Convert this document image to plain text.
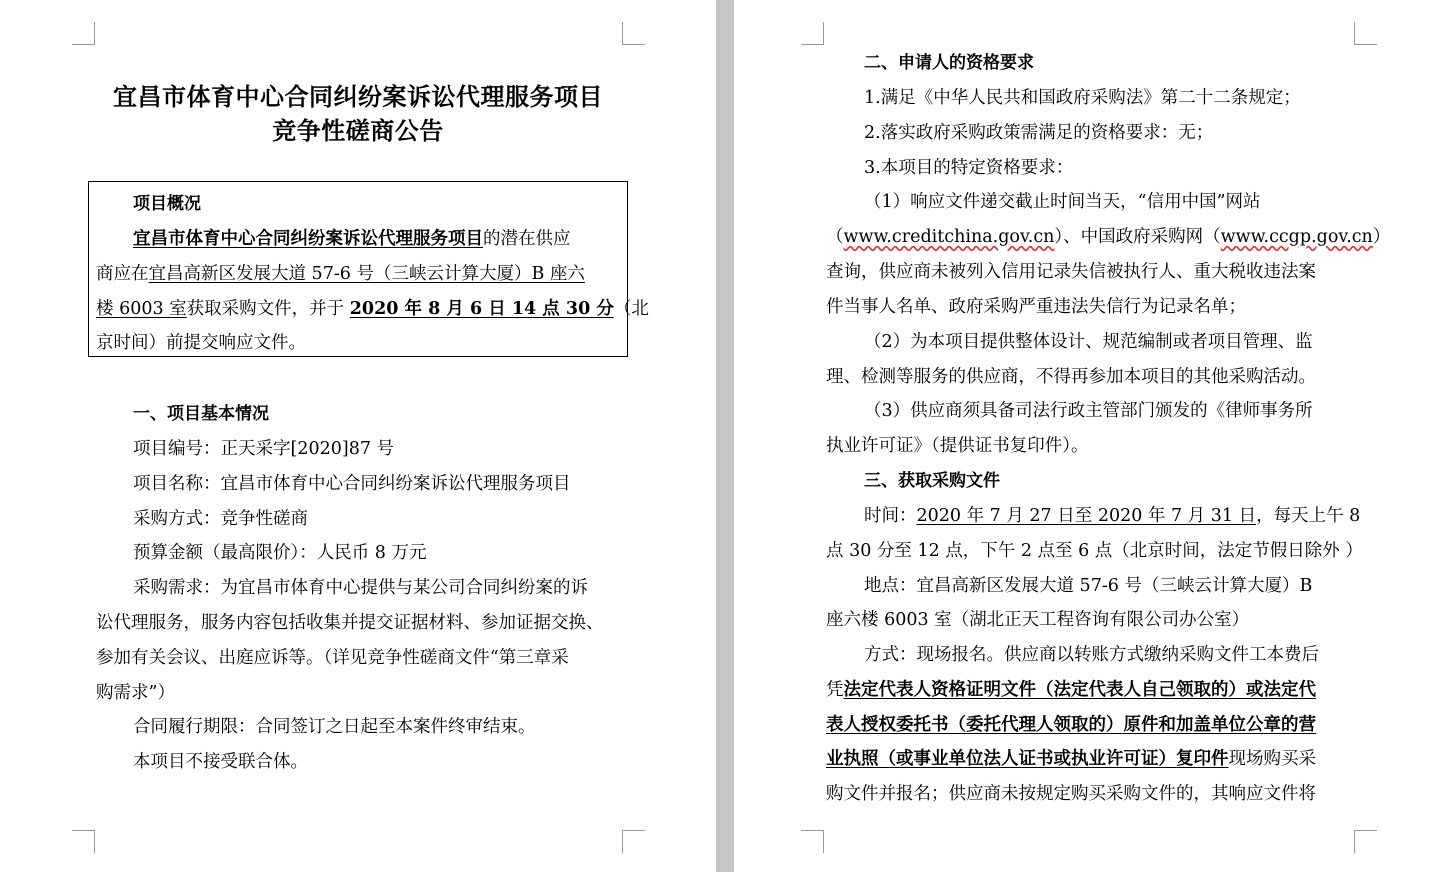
宜昌市体育中心合同纠纷案诉讼代理服务项目
竞争性磋商公告
项目概况
宜昌市体育中心合同纠纷案诉讼代理服务项目的潜在供应
商应在宜昌高新区发展大道 57-6 号（三峡云计算大厦）B 座六
楼 6003 室获取采购文件，并于 2020 年 8 月 6 日 14 点 30 分（北
京时间）前提交响应文件。
一、项目基本情况
项目编号：正天采字[2020]87 号
项目名称：宜昌市体育中心合同纠纷案诉讼代理服务项目
采购方式：竞争性磋商
预算金额（最高限价）：人民币 8 万元
采购需求：为宜昌市体育中心提供与某公司合同纠纷案的诉
讼代理服务，服务内容包括收集并提交证据材料、参加证据交换、
参加有关会议、出庭应诉等。（详见竞争性磋商文件“第三章采
购需求”）
合同履行期限：合同签订之日起至本案件终审结束。
本项目不接受联合体。
二、申请人的资格要求
1.满足《中华人民共和国政府采购法》第二十二条规定；
2.落实政府采购政策需满足的资格要求：无；
3.本项目的特定资格要求：
（1）响应文件递交截止时间当天，“信用中国”网站
（www.creditchina.gov.cn）、中国政府采购网（www.ccgp.gov.cn）
查询，供应商未被列入信用记录失信被执行人、重大税收违法案
件当事人名单、政府采购严重违法失信行为记录名单；
（2）为本项目提供整体设计、规范编制或者项目管理、监
理、检测等服务的供应商，不得再参加本项目的其他采购活动。
（3）供应商须具备司法行政主管部门颁发的《律师事务所
执业许可证》（提供证书复印件）。
三、获取采购文件
时间：2020 年 7 月 27 日至 2020 年 7 月 31 日，每天上午 8
点 30 分至 12 点，下午 2 点至 6 点（北京时间，法定节假日除外 ）
地点：宜昌高新区发展大道 57-6 号（三峡云计算大厦）B
座六楼 6003 室（湖北正天工程咨询有限公司办公室）
方式：现场报名。供应商以转账方式缴纳采购文件工本费后
凭法定代表人资格证明文件（法定代表人自己领取的）或法定代
表人授权委托书（委托代理人领取的）原件和加盖单位公章的营
业执照（或事业单位法人证书或执业许可证）复印件现场购买采
购文件并报名；供应商未按规定购买采购文件的，其响应文件将
